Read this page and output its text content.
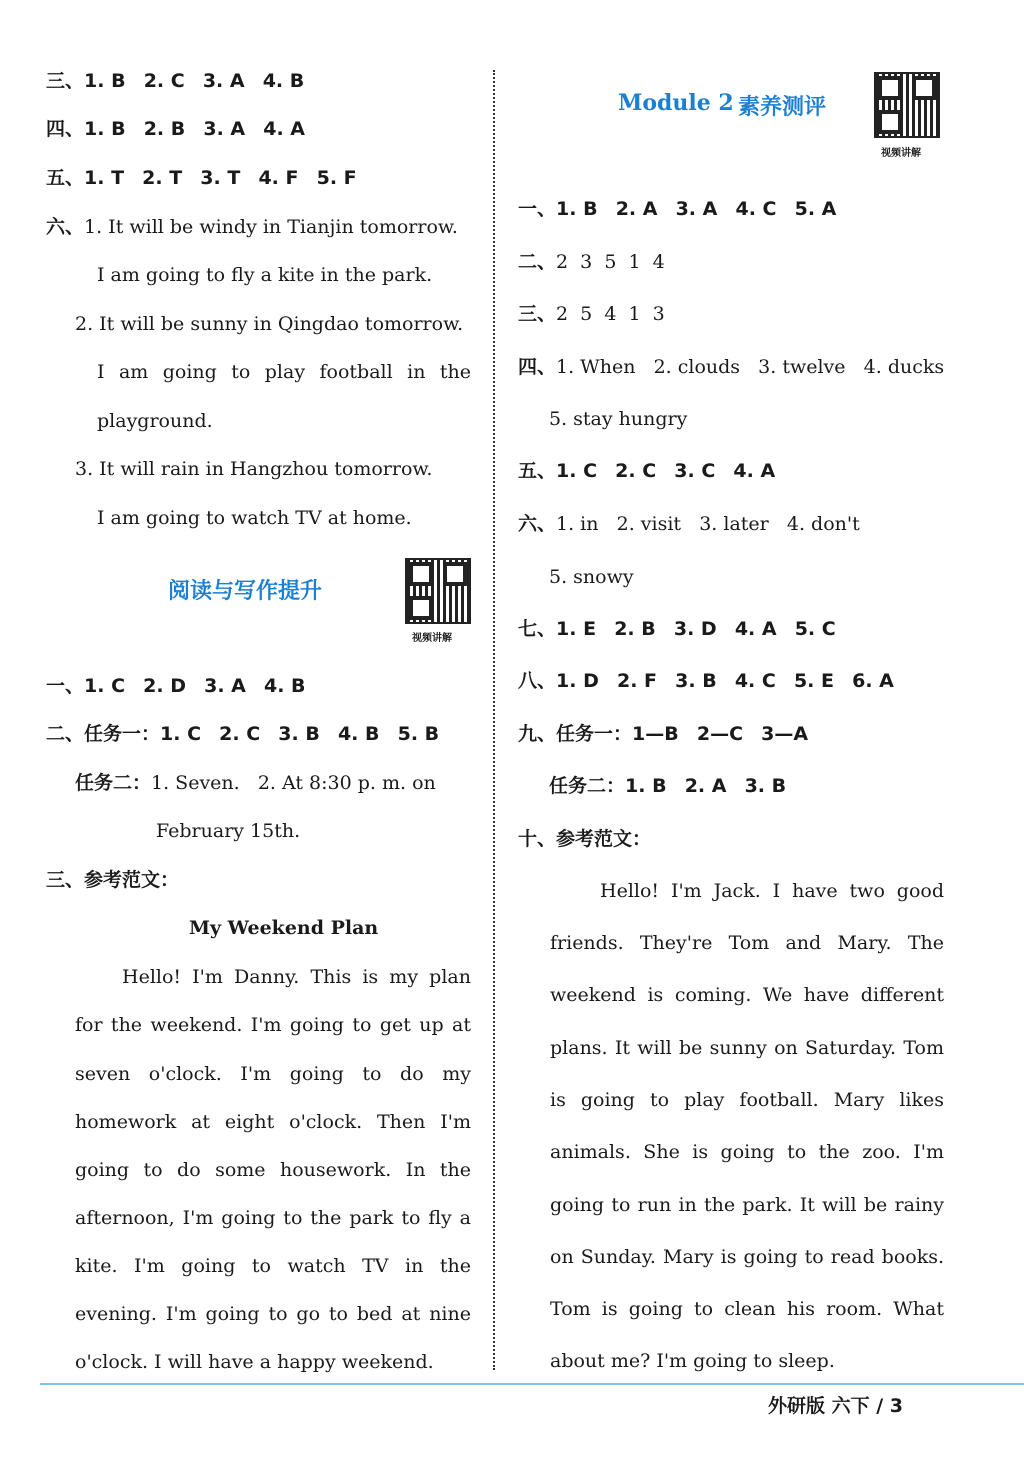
三、1. B 2. C 3. A 4. B
四、1. B 2. B 3. A 4. A
五、1. T 2. T 3. T 4. F 5. F
六、1. It will be windy in Tianjin tomorrow.
I am going to fly a kite in the park.
2. It will be sunny in Qingdao tomorrow.
I am going to play football in the
playground.
3. It will rain in Hangzhou tomorrow.
I am going to watch TV at home.
阅读与写作提升
视频讲解
一、1. C 2. D 3. A 4. B
二、任务一：1. C 2. C 3. B 4. B 5. B
任务二：1. Seven. 2. At 8:30 p. m. on
February 15th.
三、参考范文：
My Weekend Plan
Hello! I'm Danny. This is my plan
for the weekend. I'm going to get up at
seven o'clock. I'm going to do my
homework at eight o'clock. Then I'm
going to do some housework. In the
afternoon, I'm going to the park to fly a
kite. I'm going to watch TV in the
evening. I'm going to go to bed at nine
o'clock. I will have a happy weekend.
Module 2 素养测评
视频讲解
一、1. B 2. A 3. A 4. C 5. A
二、2  3  5  1  4
三、2  5  4  1  3
四、1. When 2. clouds 3. twelve 4. ducks
5. stay hungry
五、1. C 2. C 3. C 4. A
六、1. in 2. visit 3. later 4. don't
5. snowy
七、1. E 2. B 3. D 4. A 5. C
八、1. D 2. F 3. B 4. C 5. E 6. A
九、任务一：1—B 2—C 3—A
任务二：1. B 2. A 3. B
十、参考范文：
Hello! I'm Jack. I have two good
friends. They're Tom and Mary. The
weekend is coming. We have different
plans. It will be sunny on Saturday. Tom
is going to play football. Mary likes
animals. She is going to the zoo. I'm
going to run in the park. It will be rainy
on Sunday. Mary is going to read books.
Tom is going to clean his room. What
about me? I'm going to sleep.
外研版 六下 / 3
